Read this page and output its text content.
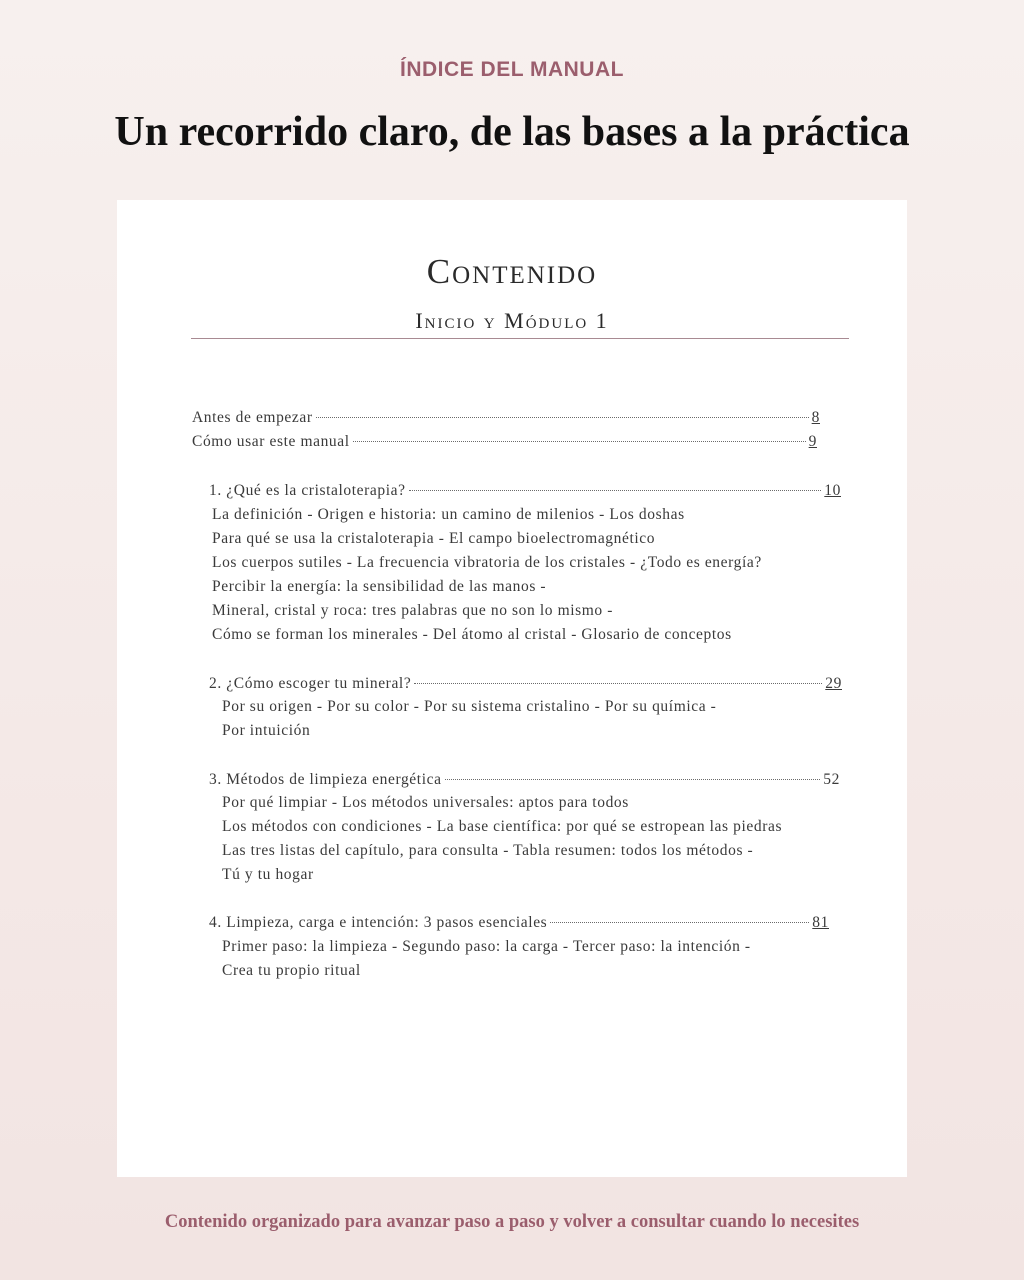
ÍNDICE DEL MANUAL
Un recorrido claro, de las bases a la práctica
Contenido
Inicio y Módulo 1
Antes de empezar	8
Cómo usar este manual	9
1. ¿Qué es la cristaloterapia?	10
La definición - Origen e historia: un camino de milenios - Los doshas
Para qué se usa la cristaloterapia - El campo bioelectromagnético
Los cuerpos sutiles - La frecuencia vibratoria de los cristales - ¿Todo es energía?
Percibir la energía: la sensibilidad de las manos -
Mineral, cristal y roca: tres palabras que no son lo mismo -
Cómo se forman los minerales - Del átomo al cristal - Glosario de conceptos
2. ¿Cómo escoger tu mineral?	29
Por su origen - Por su color - Por su sistema cristalino - Por su química -
Por intuición
3. Métodos de limpieza energética	52
Por qué limpiar - Los métodos universales: aptos para todos
Los métodos con condiciones - La base científica: por qué se estropean las piedras
Las tres listas del capítulo, para consulta - Tabla resumen: todos los métodos -
Tú y tu hogar
4. Limpieza, carga e intención: 3 pasos esenciales	81
Primer paso: la limpieza - Segundo paso: la carga - Tercer paso: la intención -
Crea tu propio ritual
Contenido organizado para avanzar paso a paso y volver a consultar cuando lo necesites
